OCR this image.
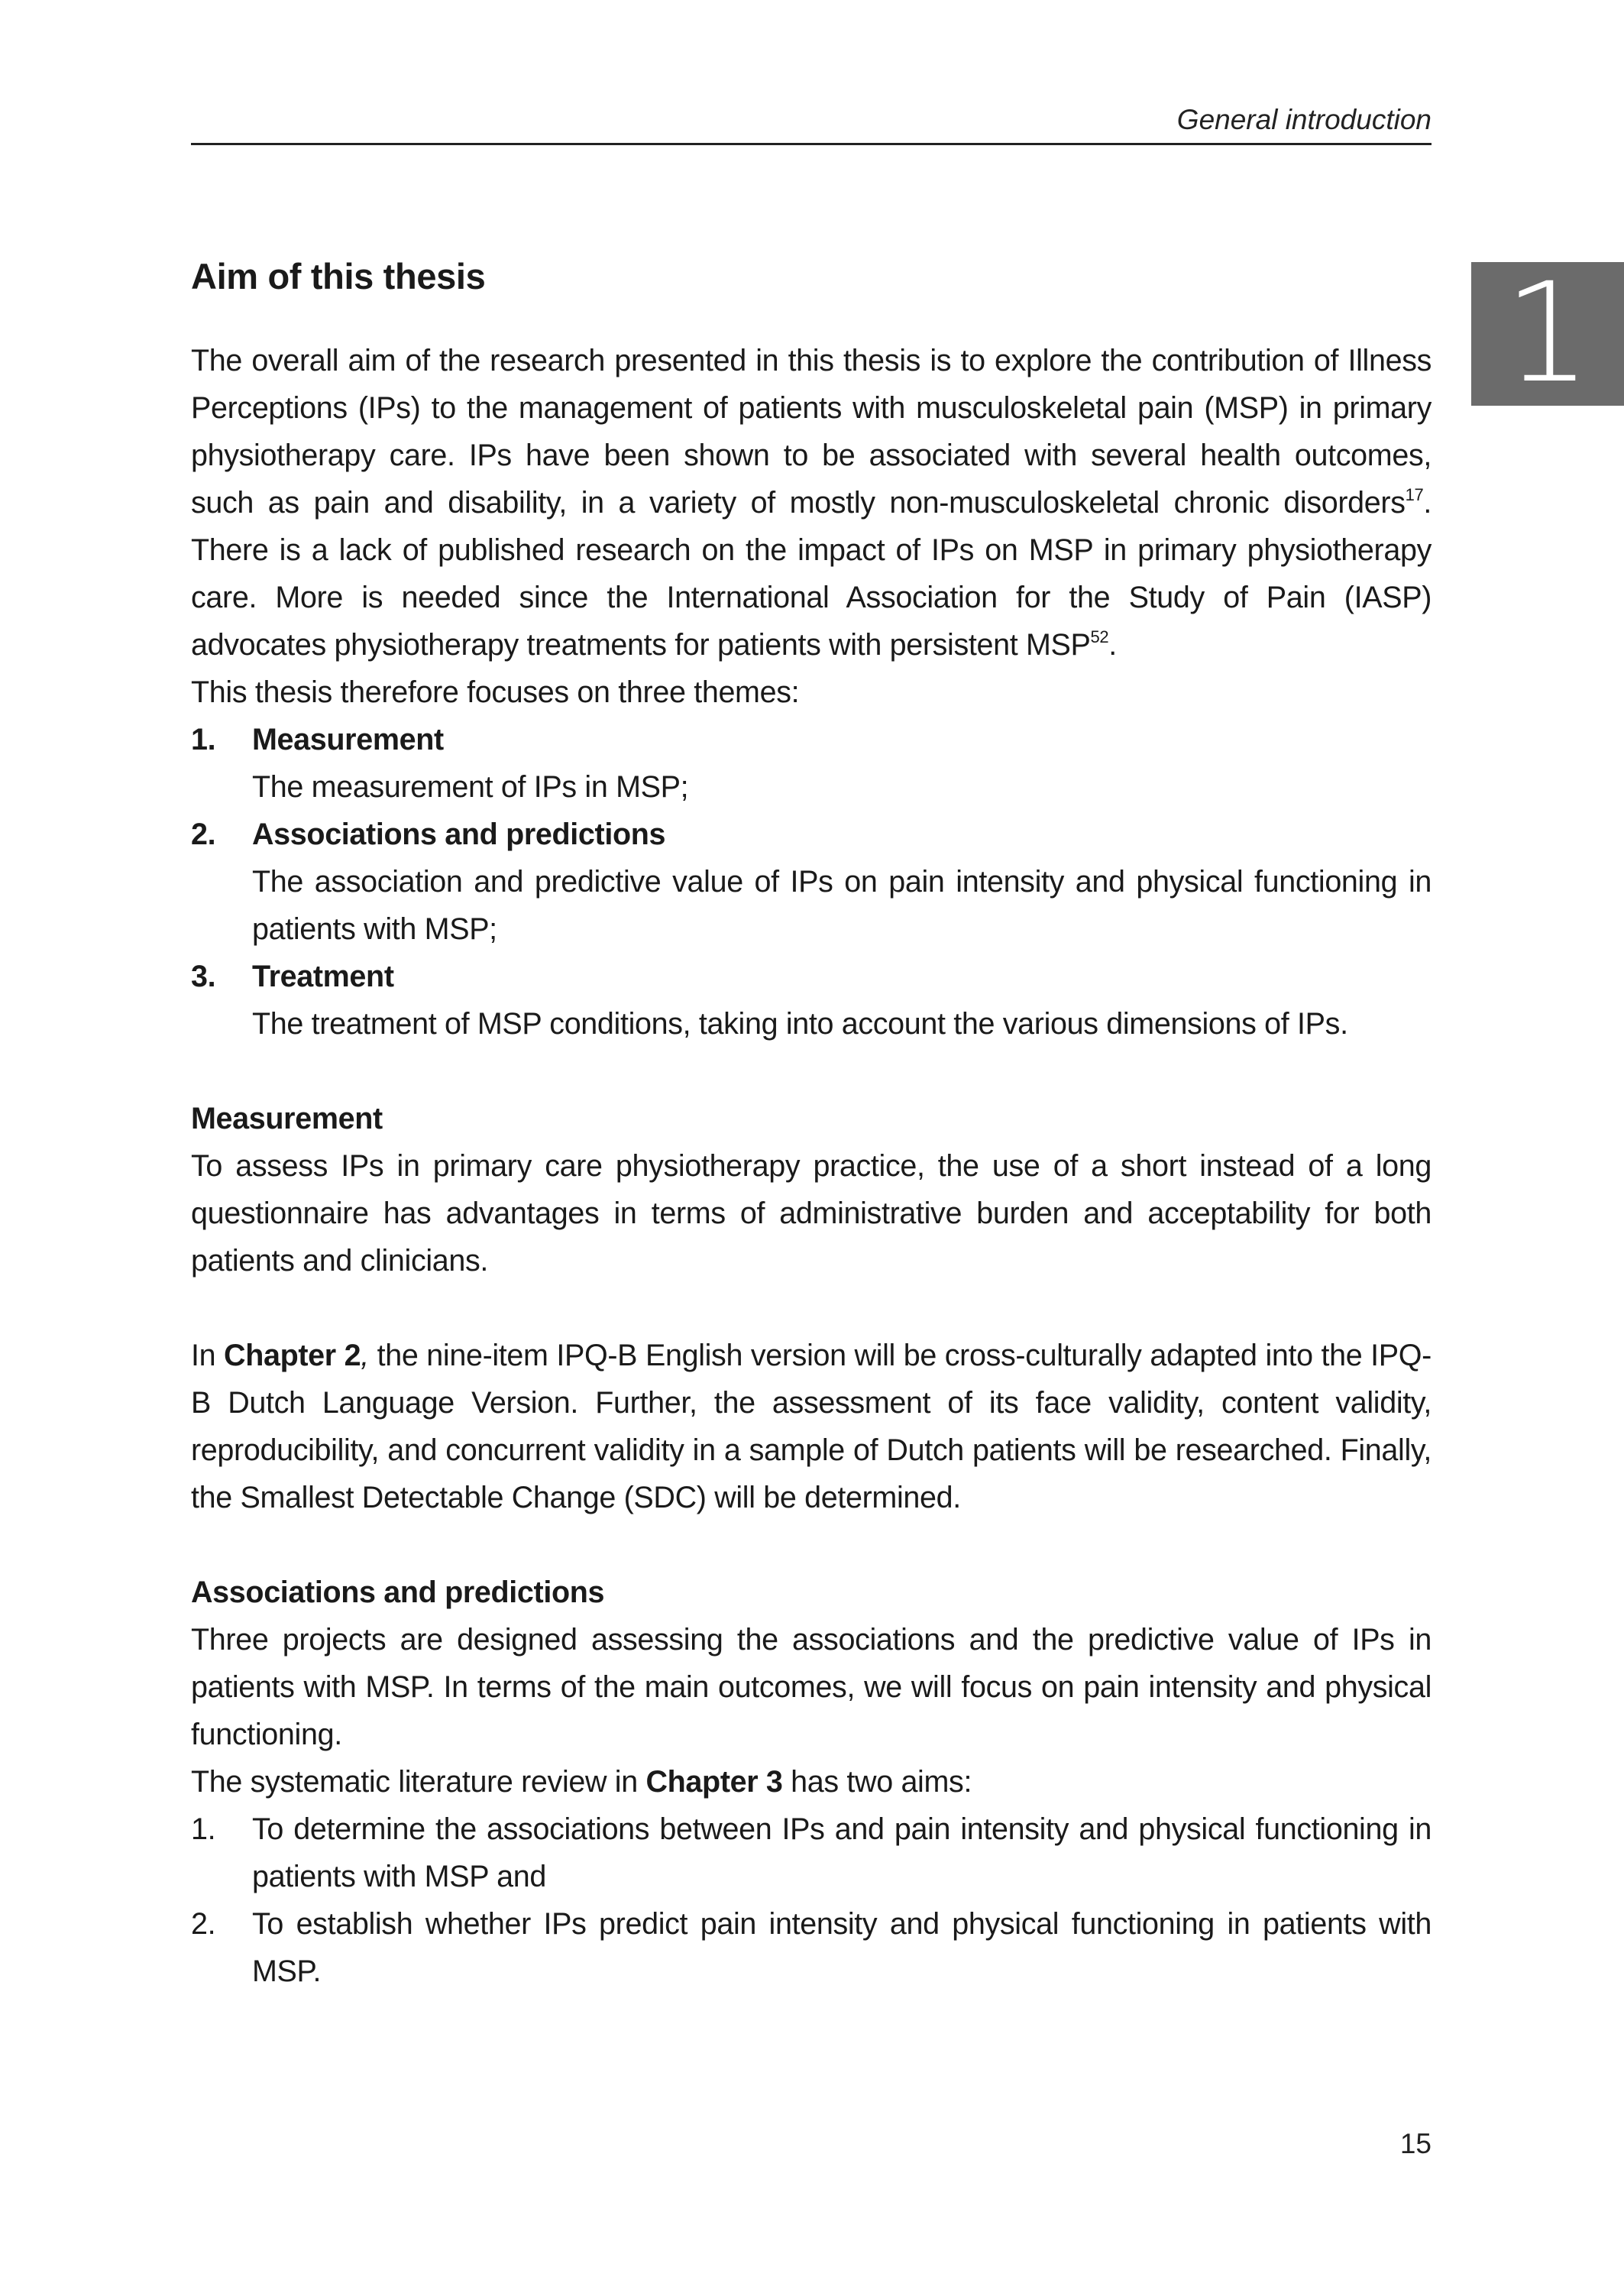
General introduction
1
Aim of this thesis

The overall aim of the research presented in this thesis is to explore the contribution of Illness Perceptions (IPs) to the management of patients with musculoskeletal pain (MSP) in primary physiotherapy care. IPs have been shown to be associated with several health outcomes, such as pain and disability, in a variety of mostly non-musculoskeletal chronic disorders$^{17}$. There is a lack of published research on the impact of IPs on MSP in primary physiotherapy care. More is needed since the International Association for the Study of Pain (IASP) advocates physiotherapy treatments for patients with persistent MSP$^{52}$.

This thesis therefore focuses on three themes:

1. Measurement
The measurement of IPs in MSP;
2. Associations and predictions
The association and predictive value of IPs on pain intensity and physical functioning in patients with MSP;
3. Treatment
The treatment of MSP conditions, taking into account the various dimensions of IPs.
Measurement

To assess IPs in primary care physiotherapy practice, the use of a short instead of a long questionnaire has advantages in terms of administrative burden and acceptability for both patients and clinicians.

In Chapter 2, the nine-item IPQ-B English version will be cross-culturally adapted into the IPQ-B Dutch Language Version. Further, the assessment of its face validity, content validity, reproducibility, and concurrent validity in a sample of Dutch patients will be researched. Finally, the Smallest Detectable Change (SDC) will be determined.

Associations and predictions

Three projects are designed assessing the associations and the predictive value of IPs in patients with MSP. In terms of the main outcomes, we will focus on pain intensity and physical functioning.

The systematic literature review in Chapter 3 has two aims:

1. To determine the associations between IPs and pain intensity and physical functioning in patients with MSP and
2. To establish whether IPs predict pain intensity and physical functioning in patients with MSP.
15
